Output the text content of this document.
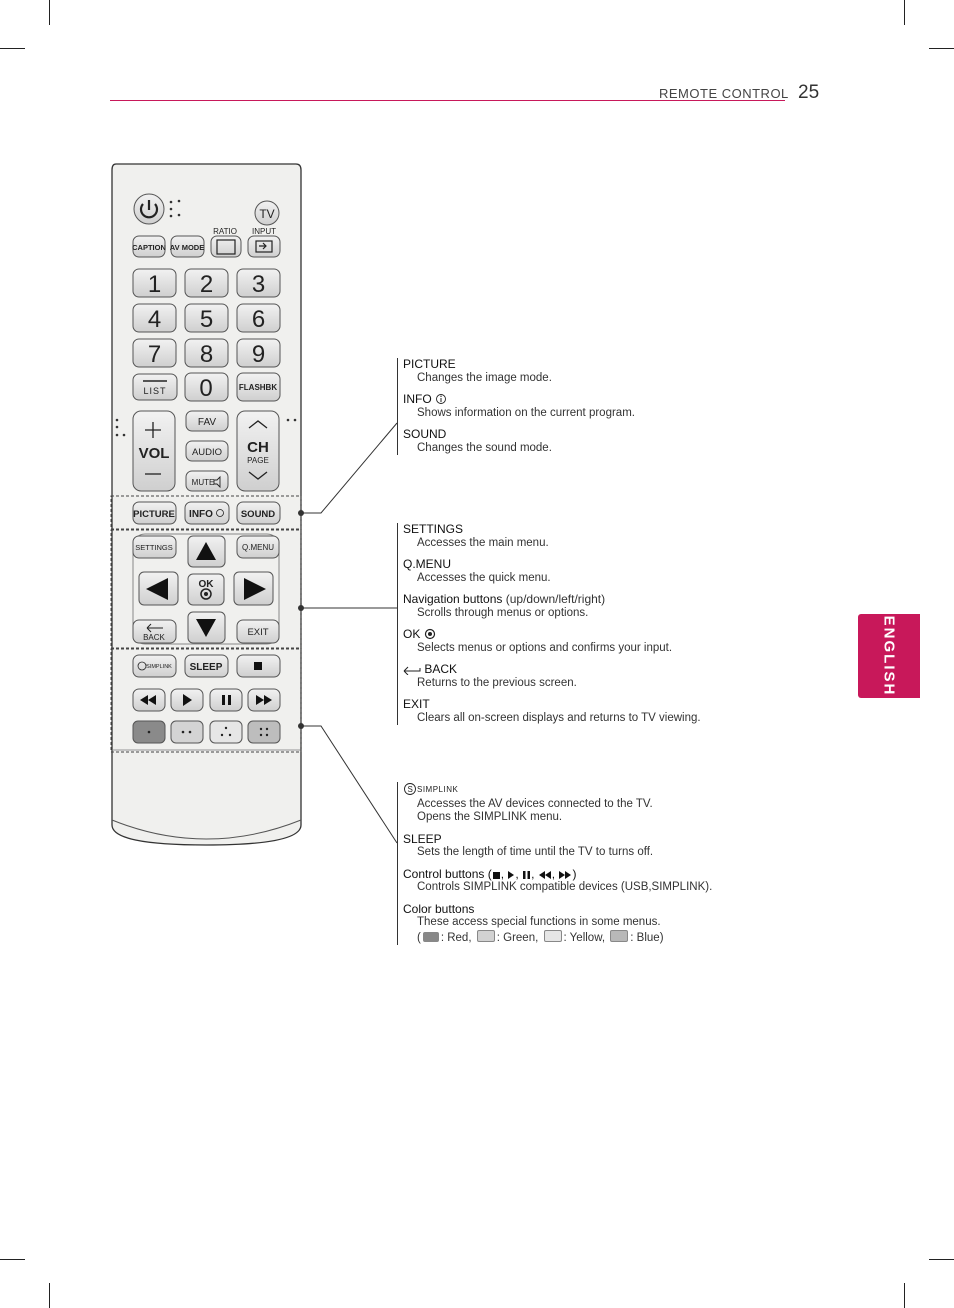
REMOTE CONTROL 25
ENGLISH
TV
RATIO INPUT
CAPTION AV MODE
1 2 3
4 5 6
7 8 9
LIST 0	FLASHBK
VOL
FAV
AUDIO
MUTE
CH
PAGE
PICTURE INFO	SOUND
SETTINGS	Q.MENU
OK
BACK	EXIT
SIMPLINK SLEEP
PICTURE
Changes the image mode.
INFO
Shows information on the current program.
SOUND
Changes the sound mode.
SETTINGS
Accesses the main menu.
Q.MENU
Accesses the quick menu.
Navigation buttons (up/down/left/right)
Scrolls through menus or options.
OK
Selects menus or options and confirms your input.
BACK
Returns to the previous screen.
EXIT
Clears all on-screen displays and returns to TV viewing.
S SIMPLINK
Accesses the AV devices connected to the TV.
Opens the SIMPLINK menu.
SLEEP
Sets the length of time until the TV to turns off.
Control buttons ( , , , , )
Controls SIMPLINK compatible devices (USB,SIMPLINK).
Color buttons
These access special functions in some menus.
( : Red, : Green, : Yellow, : Blue)
